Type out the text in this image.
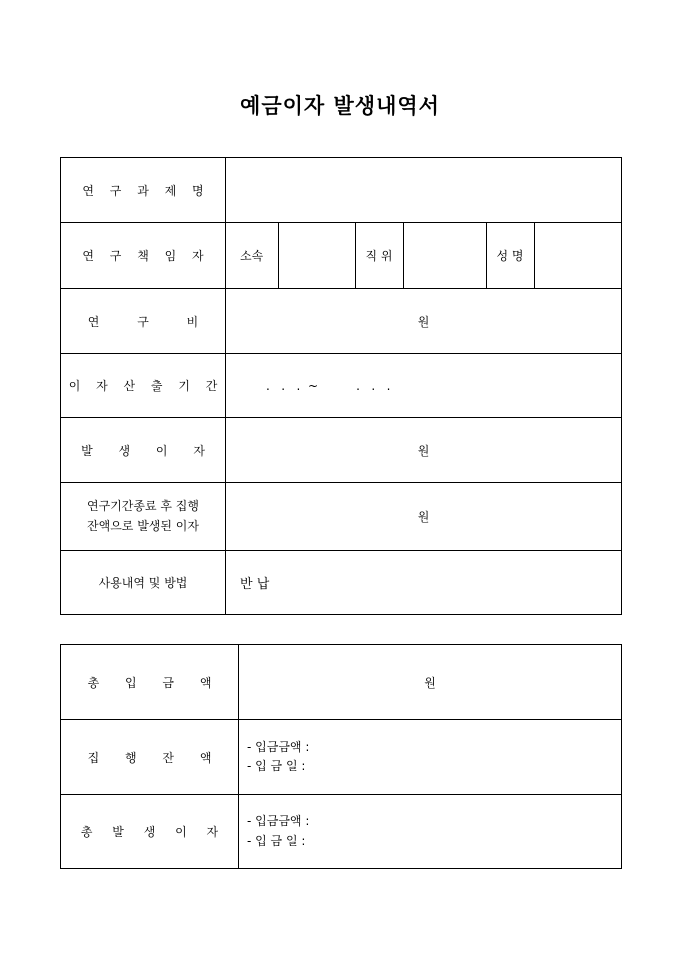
예금이자 발생내역서
연 구 과 제 명	
연 구 책 임 자		소속		직 위		성 명	

연 구 비	원
이 자 산 출 기 간	.   .   .  ~          .   .   .
발 생 이 자	원

연구기간종료 후 집행
잔액으로 발생된 이자
	원
사용내역 및 방법	반 납
총 입 금 액	원
집 행 잔 액	- 입금금액 :
- 입 금 일 :

총 발 생 이 자	- 입금금액 :
- 입 금 일 :
